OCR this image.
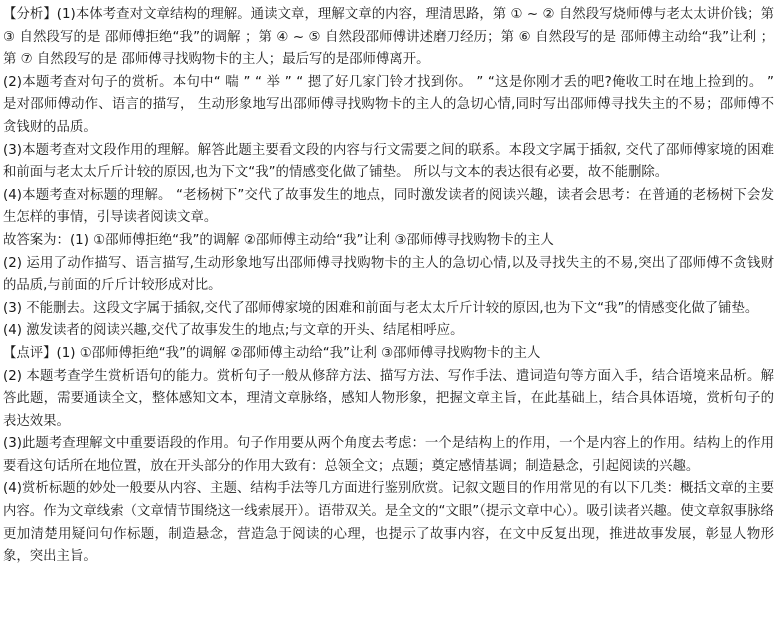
【分析】(1)本体考查对文章结构的理解。通读文章，理解文章的内容，理清思路，第 ① ~ ② 自然段写烧师傅与老太太讲价钱；第 ③ 自然段写的是 邵师傅拒绝“我”的调解 ；第 ④ ~ ⑤ 自然段邵师傅讲述磨刀经历；第 ⑥ 自然段写的是 邵师傅主动给“我”让利 ；第 ⑦ 自然段写的是 邵师傅寻找购物卡的主人；最后写的是邵师傅离开。

(2)本题考查对句子的赏析。本句中“ 喘 ” “ 举 ” “ 摁了好几家门铃才找到你。 ” “这是你刚才丢的吧?俺收工时在地上捡到的。 ” 是对邵师傅动作、语言的描写， 生动形象地写出邵师傅寻找购物卡的主人的急切心情,同时写出邵师傅寻找失主的不易；邵师傅不贪钱财的品质。

(3)本题考查对文段作用的理解。解答此题主要看文段的内容与行文需要之间的联系。本段文字属于插叙, 交代了邵师傅家境的困难和前面与老太太斤斤计较的原因,也为下文“我”的情感变化做了铺垫。 所以与文本的表达很有必要，故不能删除。

(4)本题考查对标题的理解。 “老杨树下”交代了故事发生的地点，同时激发读者的阅读兴趣，读者会思考：在普通的老杨树下会发生怎样的事情，引导读者阅读文章。

故答案为：(1) ①邵师傅拒绝“我”的调解 ②邵师傅主动给“我”让利 ③邵师傅寻找购物卡的主人

(2) 运用了动作描写、语言描写,生动形象地写出邵师傅寻找购物卡的主人的急切心情,以及寻找失主的不易,突出了邵师傅不贪钱财的品质,与前面的斤斤计较形成对比。

(3) 不能删去。这段文字属于插叙,交代了邵师傅家境的困难和前面与老太太斤斤计较的原因,也为下文“我”的情感变化做了铺垫。

(4) 激发读者的阅读兴趣,交代了故事发生的地点;与文章的开头、结尾相呼应。

【点评】(1) ①邵师傅拒绝“我”的调解 ②邵师傅主动给“我”让利 ③邵师傅寻找购物卡的主人

(2) 本题考查学生赏析语句的能力。赏析句子一般从修辞方法、描写方法、写作手法、遣词造句等方面入手，结合语境来品析。解答此题，需要通读全文，整体感知文本，理清文章脉络，感知人物形象，把握文章主旨，在此基础上，结合具体语境，赏析句子的表达效果。

(3)此题考查理解文中重要语段的作用。句子作用要从两个角度去考虑：一个是结构上的作用，一个是内容上的作用。结构上的作用要看这句话所在地位置，放在开头部分的作用大致有：总领全文；点题；奠定感情基调；制造悬念，引起阅读的兴趣。

(4)赏析标题的妙处一般要从内容、主题、结构手法等几方面进行鉴别欣赏。记叙文题目的作用常见的有以下几类：概括文章的主要内容。作为文章线索（文章情节围绕这一线索展开）。语带双关。是全文的“文眼”（提示文章中心）。吸引读者兴趣。使文章叙事脉络更加清楚用疑问句作标题，制造悬念，营造急于阅读的心理，也提示了故事内容，在文中反复出现，推进故事发展，彰显人物形象，突出主旨。
